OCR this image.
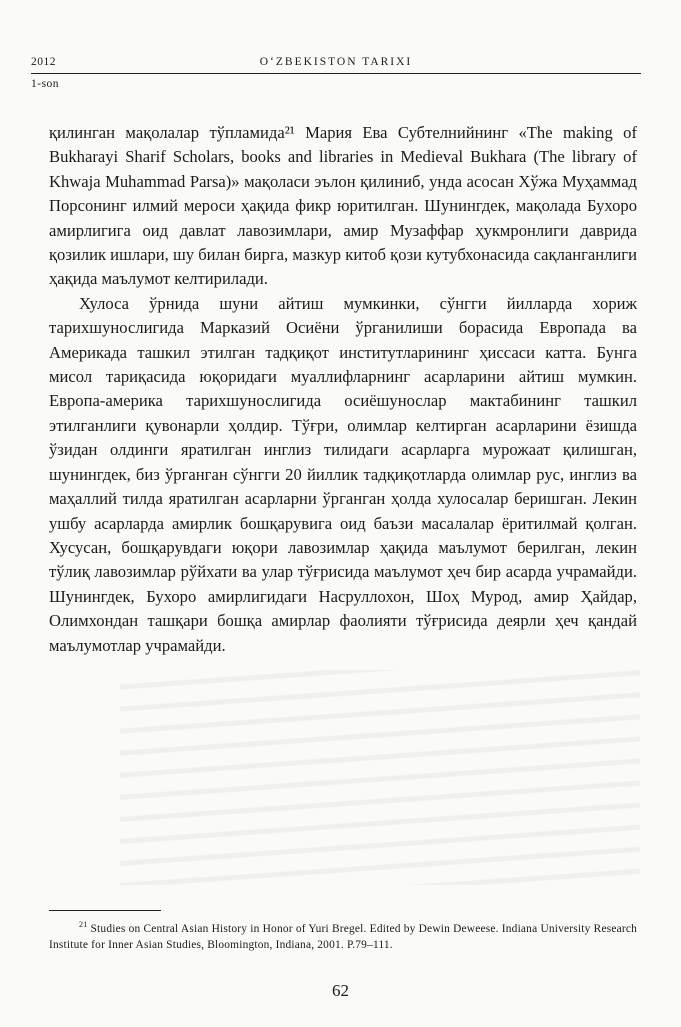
2012	O‘ZBEKISTON TARIXI
1-son

қилинган мақолалар тўпламида²¹ Мария Ева Субтелнийнинг «The making of Bukharayi Sharif Scholars, books and libraries in Medieval Bukhara (The library of Khwaja Muhammad Parsa)» мақоласи эълон қилиниб, унда асосан Хўжа Муҳаммад Порсонинг илмий мероси ҳақида фикр юритилган. Шунингдек, мақолада Бухоро амирлигига оид давлат лавозимлари, амир Музаффар ҳукмронлиги даврида қозилик ишлари, шу билан бирга, мазкур китоб қози кутубхонасида сақланганлиги ҳақида маълумот келтирилади.

Хулоса ўрнида шуни айтиш мумкинки, сўнгги йилларда хориж тарихшунослигида Марказий Осиёни ўрганилиши борасида Европада ва Америкада ташкил этилган тадқиқот институтларининг ҳиссаси катта. Бунга мисол тариқасида юқоридаги муаллифларнинг асарларини айтиш мумкин. Европа-америка тарихшунослигида осиёшунослар мактабининг ташкил этилганлиги қувонарли ҳолдир. Тўғри, олимлар келтирган асарларини ёзишда ўзидан олдинги яратилган инглиз тилидаги асарларга мурожаат қилишган, шунингдек, биз ўрганган сўнгги 20 йиллик тадқиқотларда олимлар рус, инглиз ва маҳаллий тилда яратилган асарларни ўрганган ҳолда хулосалар беришган. Лекин ушбу асарларда амирлик бошқарувига оид баъзи масалалар ёритилмай қолган. Хусусан, бошқарувдаги юқори лавозимлар ҳақида маълумот берилган, лекин тўлиқ лавозимлар рўйхати ва улар тўғрисида маълумот ҳеч бир асарда учрамайди. Шунингдек, Бухоро амирлигидаги Насруллохон, Шоҳ Мурод, амир Ҳайдар, Олимхондан ташқари бошқа амирлар фаолияти тўғрисида деярли ҳеч қандай маълумотлар учрамайди.

$^{21}$ Studies on Central Asian History in Honor of Yuri Bregel. Edited by Dewin Deweese. Indiana University Research Institute for Inner Asian Studies, Bloomington, Indiana, 2001. P.79–111.

62
